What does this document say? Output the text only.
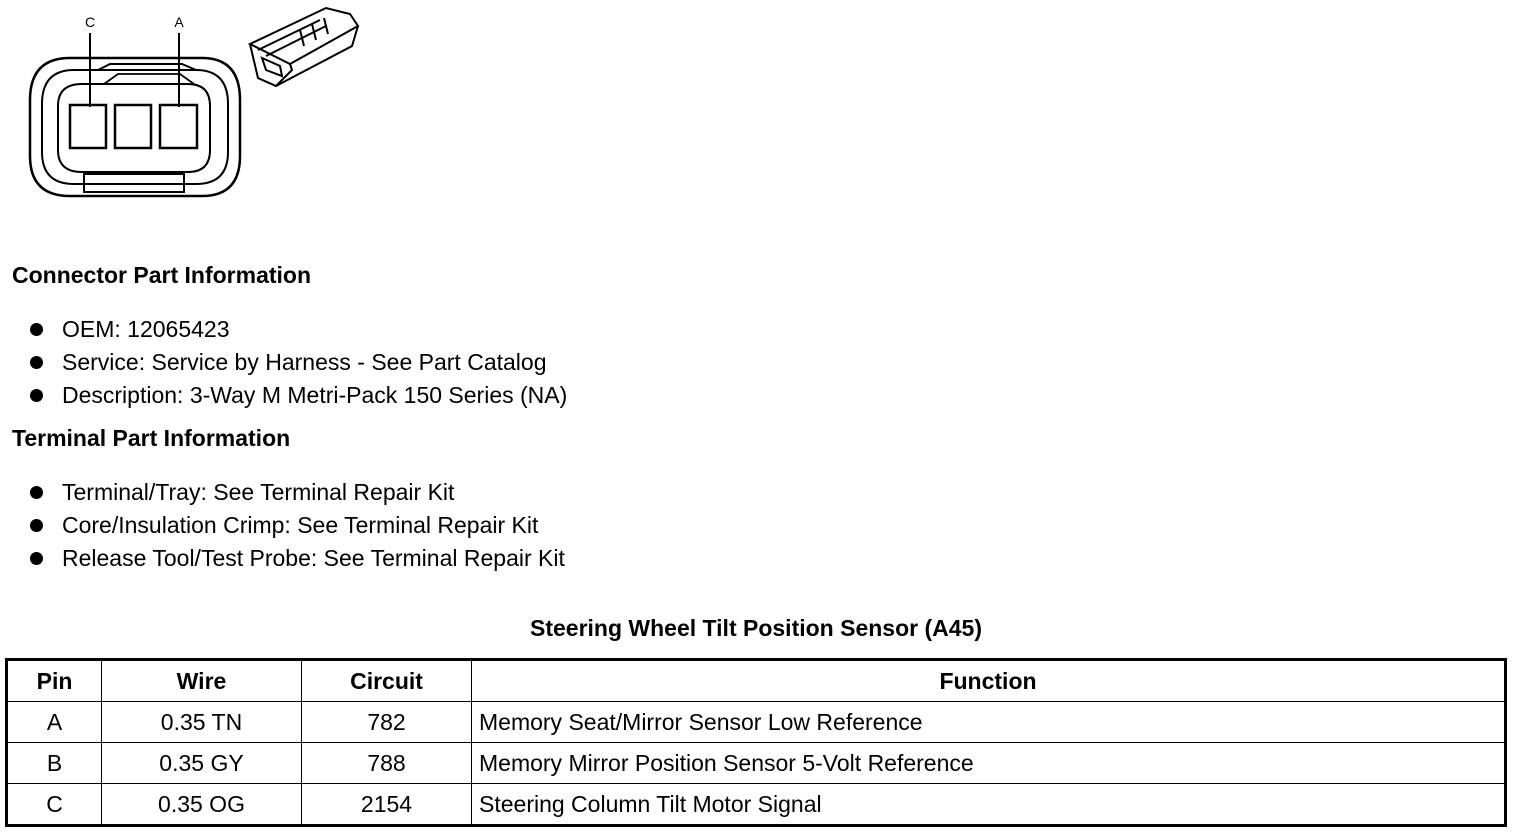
C	A
Connector Part Information
OEM: 12065423
Service: Service by Harness - See Part Catalog
Description: 3-Way M Metri-Pack 150 Series (NA)
Terminal Part Information
Terminal/Tray: See Terminal Repair Kit
Core/Insulation Crimp: See Terminal Repair Kit
Release Tool/Test Probe: See Terminal Repair Kit
Steering Wheel Tilt Position Sensor (A45)
Pin	Wire	Circuit	Function
A	0.35 TN	782	Memory Seat/Mirror Sensor Low Reference
B	0.35 GY	788	Memory Mirror Position Sensor 5-Volt Reference
C	0.35 OG	2154	Steering Column Tilt Motor Signal
